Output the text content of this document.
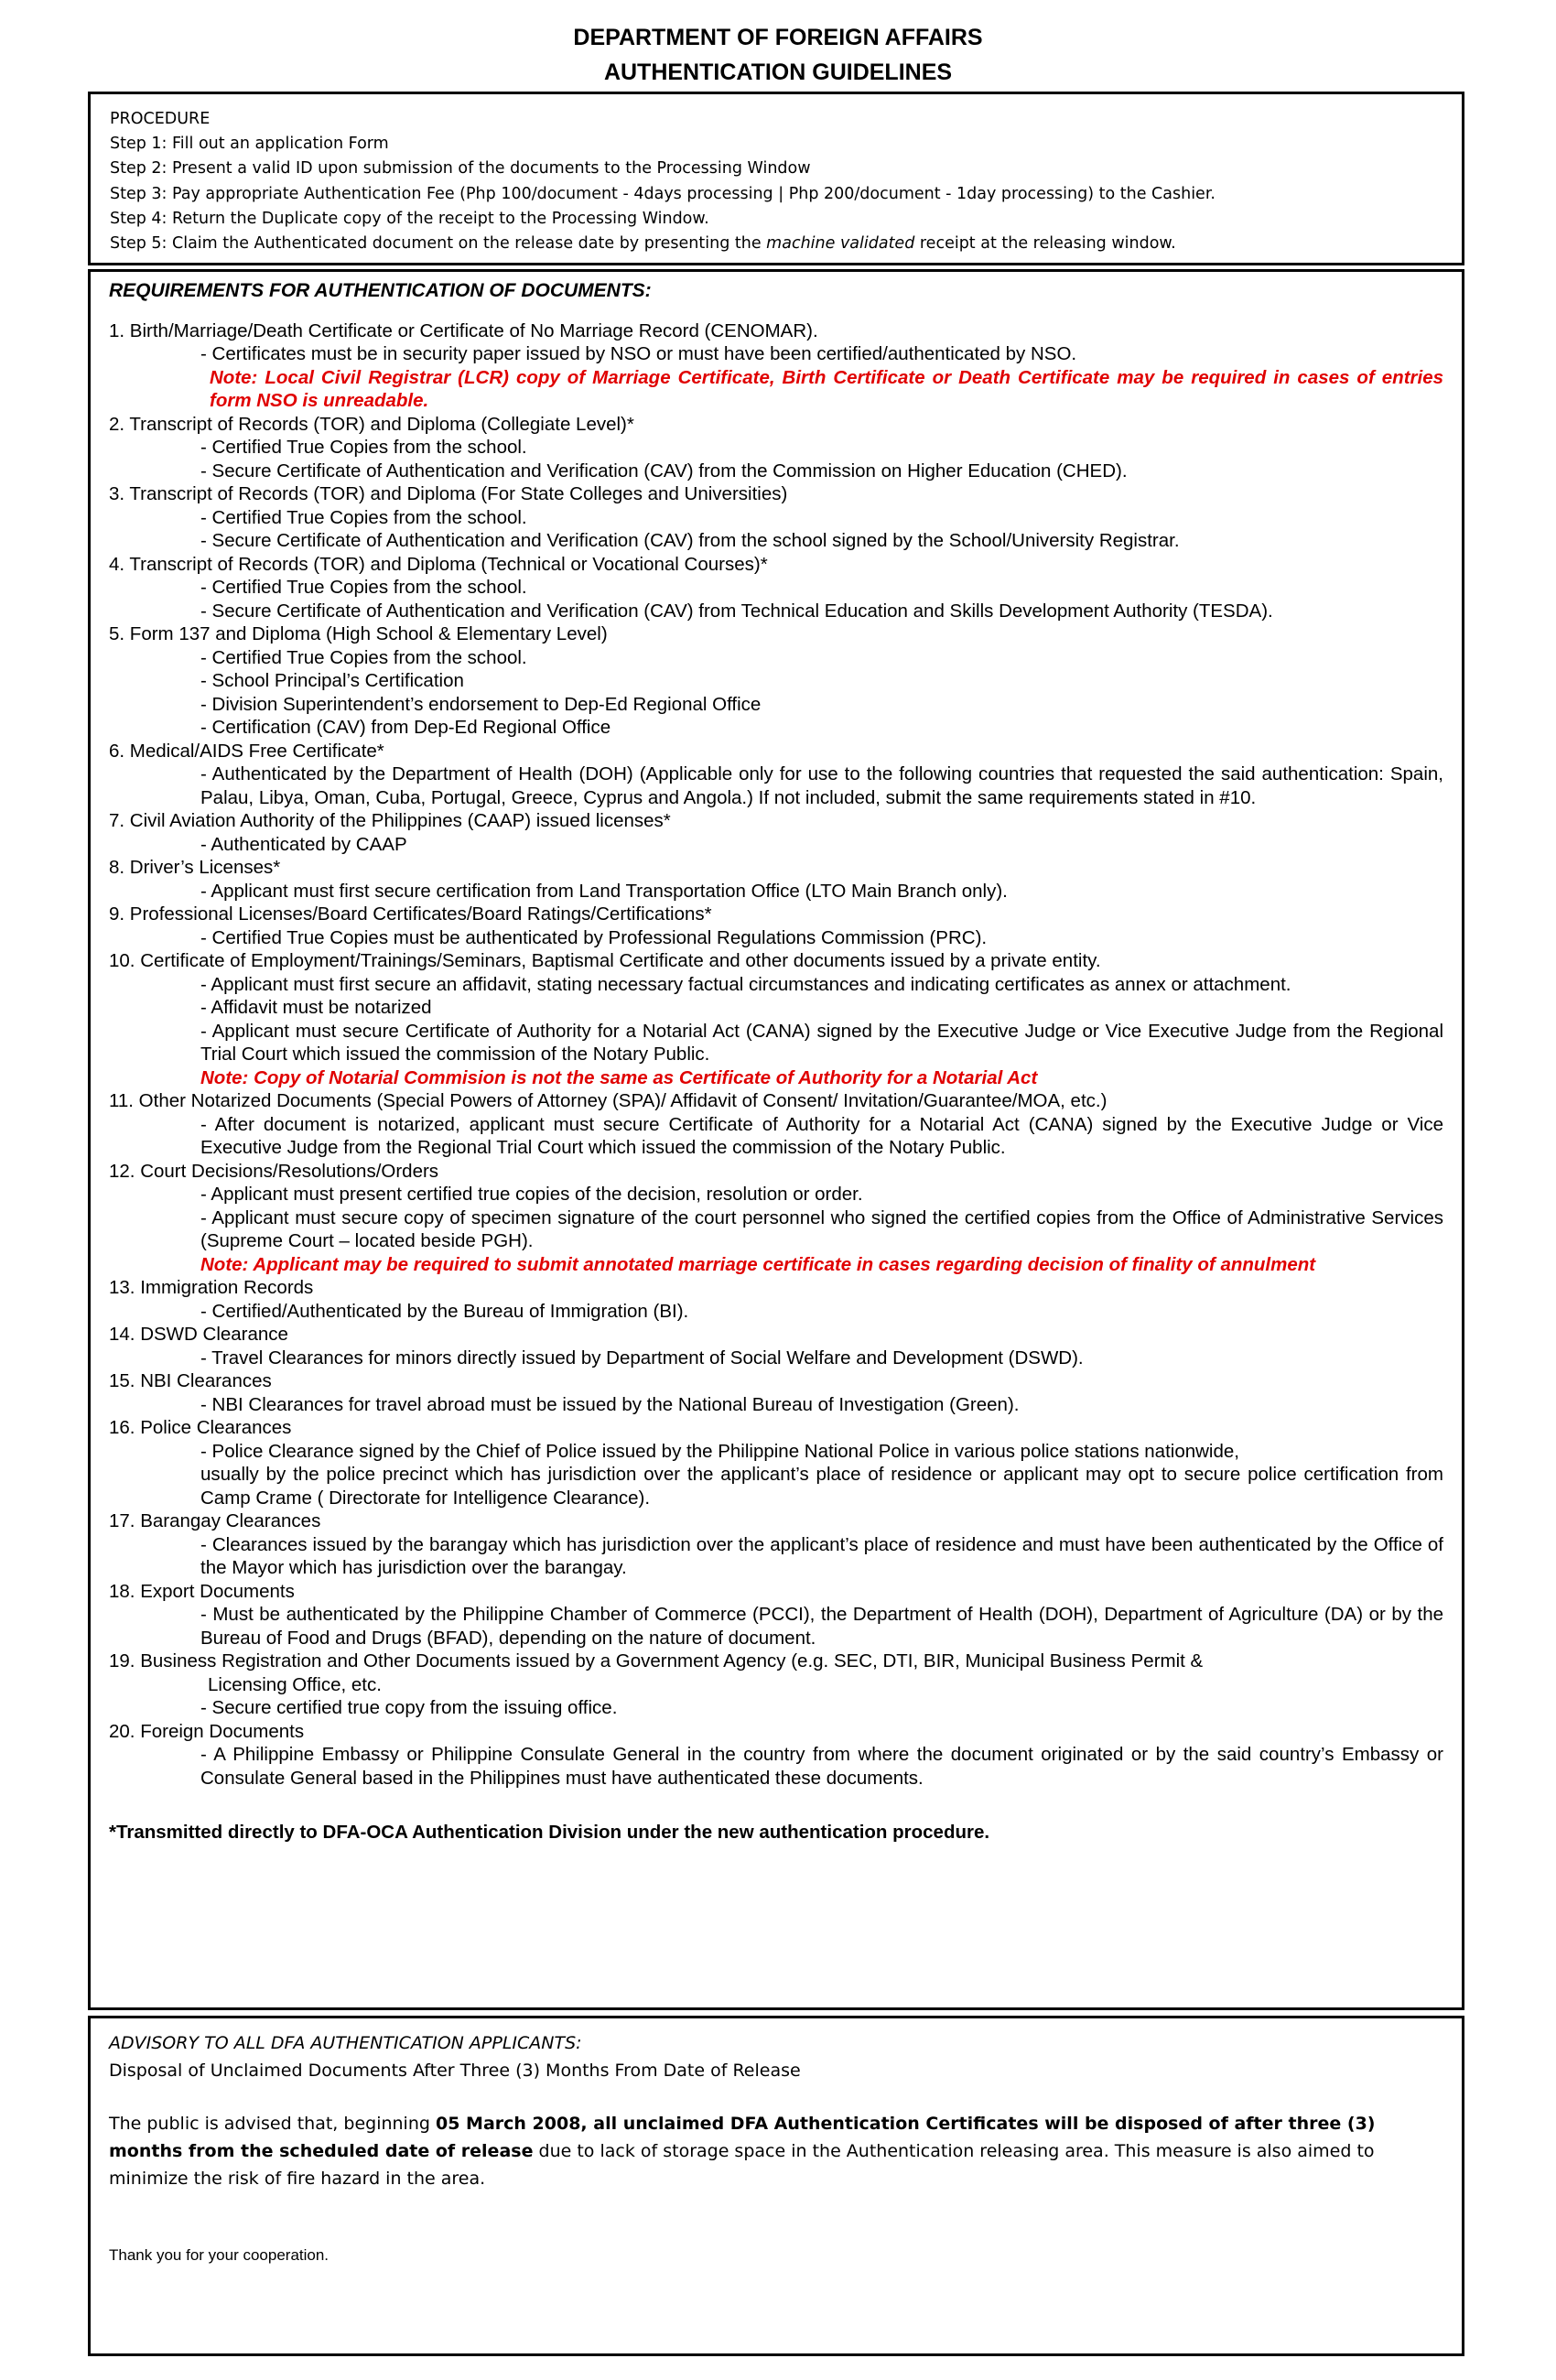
DEPARTMENT OF FOREIGN AFFAIRS
AUTHENTICATION GUIDELINES
PROCEDURE
Step 1: Fill out an application Form
Step 2: Present a valid ID upon submission of the documents to the Processing Window
Step 3: Pay appropriate Authentication Fee (Php 100/document - 4days processing | Php 200/document - 1day processing) to the Cashier.
Step 4: Return the Duplicate copy of the receipt to the Processing Window.
Step 5: Claim the Authenticated document on the release date by presenting the machine validated receipt at the releasing window.
REQUIREMENTS FOR AUTHENTICATION OF DOCUMENTS:
1. Birth/Marriage/Death Certificate or Certificate of No Marriage Record (CENOMAR).
- Certificates must be in security paper issued by NSO or must have been certified/authenticated by NSO.
Note: Local Civil Registrar (LCR) copy of Marriage Certificate, Birth Certificate or Death Certificate may be required in cases of entries form NSO is unreadable.
2. Transcript of Records (TOR) and Diploma (Collegiate Level)*
- Certified True Copies from the school.
- Secure Certificate of Authentication and Verification (CAV) from the Commission on Higher Education (CHED).
3. Transcript of Records (TOR) and Diploma (For State Colleges and Universities)
- Certified True Copies from the school.
- Secure Certificate of Authentication and Verification (CAV) from the school signed by the School/University Registrar.
4. Transcript of Records (TOR) and Diploma (Technical or Vocational Courses)*
- Certified True Copies from the school.
- Secure Certificate of Authentication and Verification (CAV) from Technical Education and Skills Development Authority (TESDA).
5. Form 137 and Diploma (High School & Elementary Level)
- Certified True Copies from the school.
- School Principal’s Certification
- Division Superintendent’s endorsement to Dep-Ed Regional Office
- Certification (CAV) from Dep-Ed Regional Office
6. Medical/AIDS Free Certificate*
- Authenticated by the Department of Health (DOH) (Applicable only for use to the following countries that requested the said authentication: Spain, Palau, Libya, Oman, Cuba, Portugal, Greece, Cyprus and Angola.) If not included, submit the same requirements stated in #10.
7. Civil Aviation Authority of the Philippines (CAAP) issued licenses*
- Authenticated by CAAP
8. Driver’s Licenses*
- Applicant must first secure certification from Land Transportation Office (LTO Main Branch only).
9. Professional Licenses/Board Certificates/Board Ratings/Certifications*
- Certified True Copies must be authenticated by Professional Regulations Commission (PRC).
10. Certificate of Employment/Trainings/Seminars, Baptismal Certificate and other documents issued by a private entity.
- Applicant must first secure an affidavit, stating necessary factual circumstances and indicating certificates as annex or attachment.
- Affidavit must be notarized
- Applicant must secure Certificate of Authority for a Notarial Act (CANA) signed by the Executive Judge or Vice Executive Judge from the Regional Trial Court which issued the commission of the Notary Public.
Note: Copy of Notarial Commision is not the same as Certificate of Authority for a Notarial Act
11. Other Notarized Documents (Special Powers of Attorney (SPA)/ Affidavit of Consent/ Invitation/Guarantee/MOA, etc.)
- After document is notarized, applicant must secure Certificate of Authority for a Notarial Act (CANA) signed by the Executive Judge or Vice Executive Judge from the Regional Trial Court which issued the commission of the Notary Public.
12. Court Decisions/Resolutions/Orders
- Applicant must present certified true copies of the decision, resolution or order.
- Applicant must secure copy of specimen signature of the court personnel who signed the certified copies from the Office of Administrative Services (Supreme Court – located beside PGH).
Note: Applicant may be required to submit annotated marriage certificate in cases regarding decision of finality of annulment
13. Immigration Records
- Certified/Authenticated by the Bureau of Immigration (BI).
14. DSWD Clearance
- Travel Clearances for minors directly issued by Department of Social Welfare and Development (DSWD).
15. NBI Clearances
- NBI Clearances for travel abroad must be issued by the National Bureau of Investigation (Green).
16. Police Clearances
- Police Clearance signed by the Chief of Police issued by the Philippine National Police in various police stations nationwide,
usually by the police precinct which has jurisdiction over the applicant’s place of residence or applicant may opt to secure police certification from Camp Crame ( Directorate for Intelligence Clearance).
17. Barangay Clearances
- Clearances issued by the barangay which has jurisdiction over the applicant’s place of residence and must have been authenticated by the Office of the Mayor which has jurisdiction over the barangay.
18. Export Documents
- Must be authenticated by the Philippine Chamber of Commerce (PCCI), the Department of Health (DOH), Department of Agriculture (DA) or by the Bureau of Food and Drugs (BFAD), depending on the nature of document.
19. Business Registration and Other Documents issued by a Government Agency (e.g. SEC, DTI, BIR, Municipal Business Permit &
Licensing Office, etc.
- Secure certified true copy from the issuing office.
20. Foreign Documents
- A Philippine Embassy or Philippine Consulate General in the country from where the document originated or by the said country’s Embassy or Consulate General based in the Philippines must have authenticated these documents.
*Transmitted directly to DFA-OCA Authentication Division under the new authentication procedure.
ADVISORY TO ALL DFA AUTHENTICATION APPLICANTS:
Disposal of Unclaimed Documents After Three (3) Months From Date of Release
The public is advised that, beginning 05 March 2008, all unclaimed DFA Authentication Certificates will be disposed of after three (3) months from the scheduled date of release due to lack of storage space in the Authentication releasing area. This measure is also aimed to minimize the risk of fire hazard in the area.
Thank you for your cooperation.
